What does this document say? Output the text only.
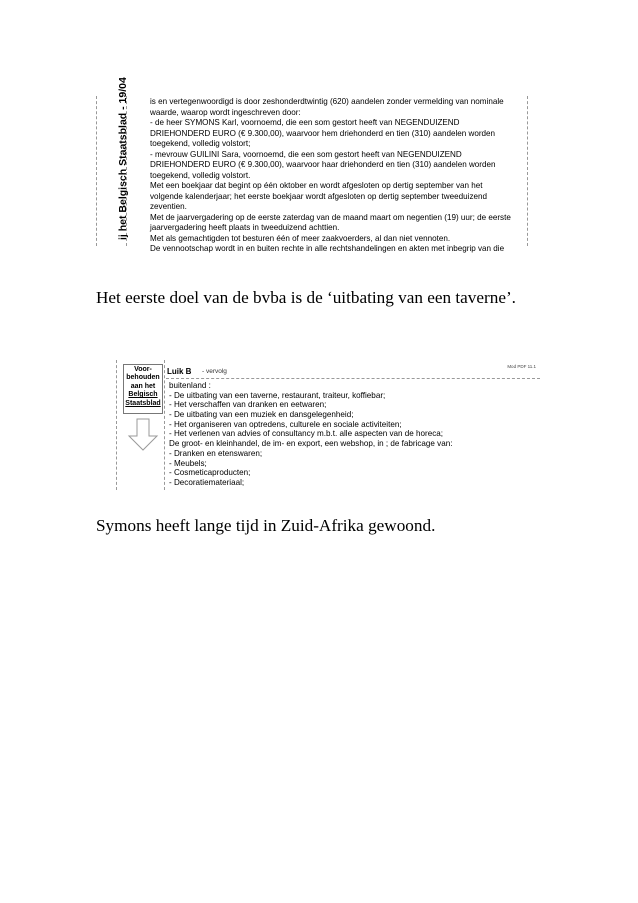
ij het Belgisch Staatsblad - 19/04	is en vertegenwoordigd is door zeshonderdtwintig (620) aandelen zonder vermelding van nominale
waarde, waarop wordt ingeschreven door:
- de heer SYMONS Karl, voornoemd, die een som gestort heeft van NEGENDUIZEND
DRIEHONDERD EURO (€ 9.300,00), waarvoor hem driehonderd en tien (310) aandelen worden
toegekend, volledig volstort;
- mevrouw GUILINI Sara, voornoemd, die een som gestort heeft van NEGENDUIZEND
DRIEHONDERD EURO (€ 9.300,00), waarvoor haar driehonderd en tien (310) aandelen worden
toegekend, volledig volstort.
Met een boekjaar dat begint op één oktober en wordt afgesloten op dertig september van het
volgende kalenderjaar; het eerste boekjaar wordt afgesloten op dertig september tweeduizend
zeventien.
Met de jaarvergadering op de eerste zaterdag van de maand maart om negentien (19) uur; de eerste
jaarvergadering heeft plaats in tweeduizend achttien.
Met als gemachtigden tot besturen één of meer zaakvoerders, al dan niet vennoten.
De vennootschap wordt in en buiten rechte in alle rechtshandelingen en akten met inbegrip van die

Het eerste doel van de bvba is de ‘uitbating van een taverne’.

Voor-
behouden
aan het
Belgisch
Staatsblad
Luik B - vervolg
Mod PDF 11.1
buitenland :
- De uitbating van een taverne, restaurant, traiteur, koffiebar;
- Het verschaffen van dranken en eetwaren;
- De uitbating van een muziek en dansgelegenheid;
- Het organiseren van optredens, culturele en sociale activiteiten;
- Het verlenen van advies of consultancy m.b.t. alle aspecten van de horeca;
De groot- en kleinhandel, de im- en export, een webshop, in ; de fabricage van:
- Dranken en etenswaren;
- Meubels;
- Cosmeticaproducten;
- Decoratiemateriaal;

Symons heeft lange tijd in Zuid-Afrika gewoond.
